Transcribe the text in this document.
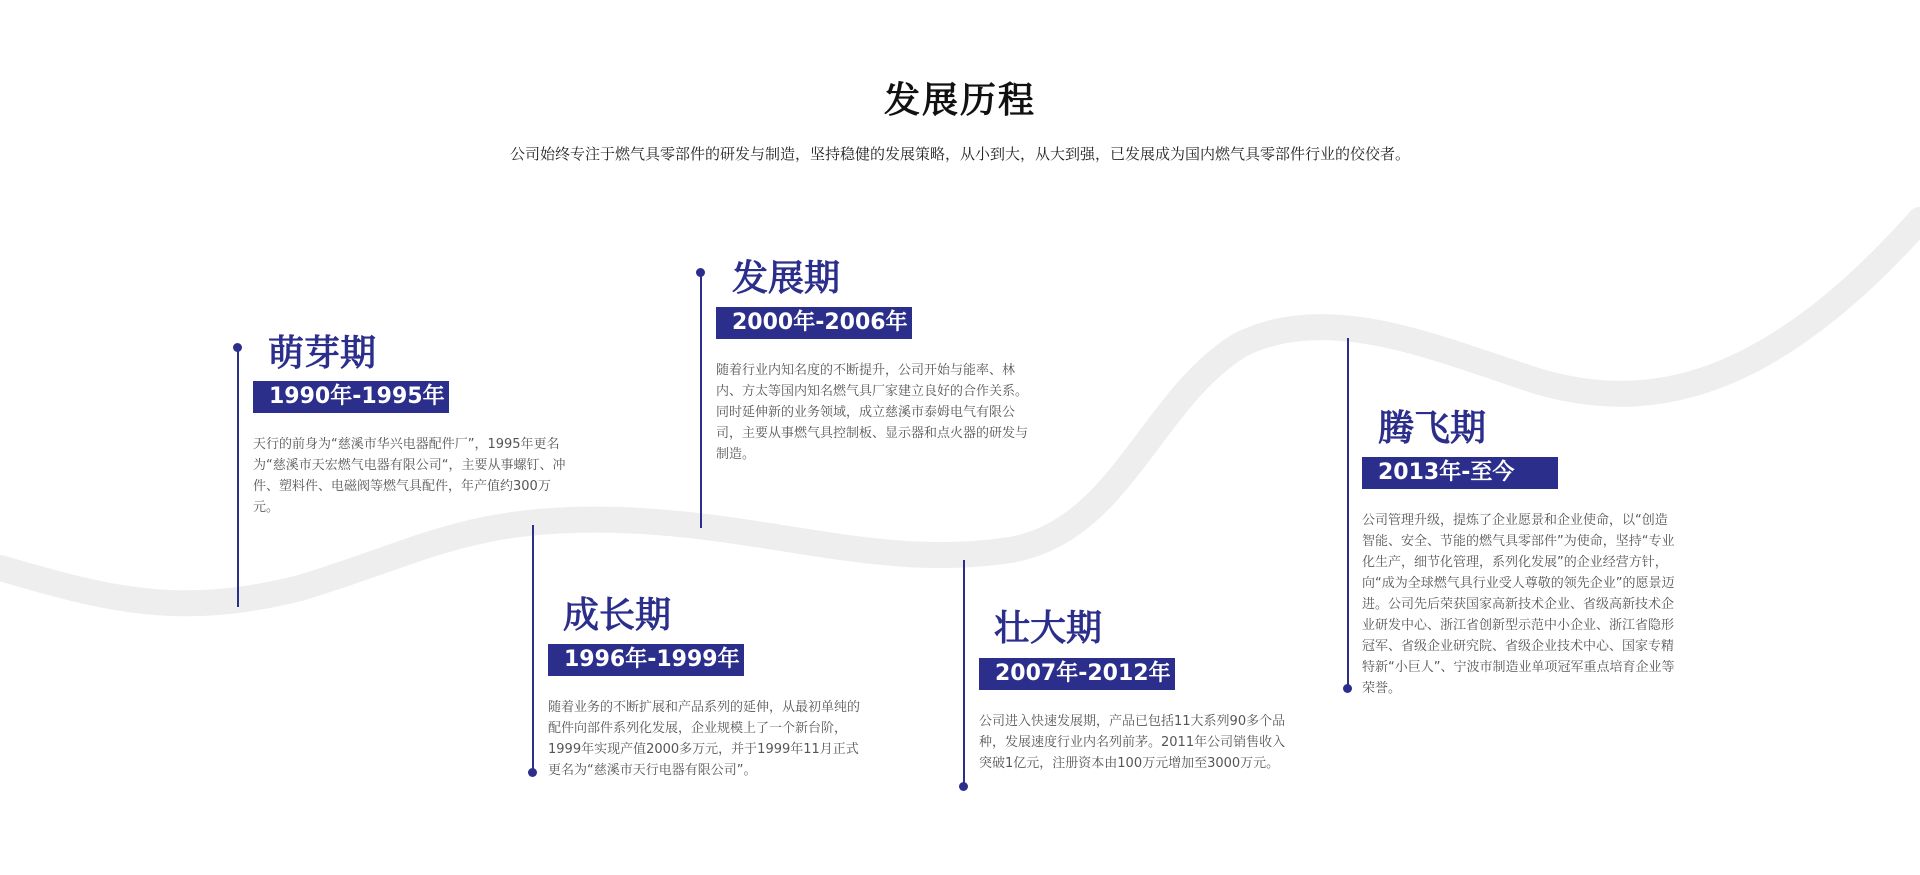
发展历程
公司始终专注于燃气具零部件的研发与制造，坚持稳健的发展策略，从小到大，从大到强，已发展成为国内燃气具零部件行业的佼佼者。
萌芽期
1990年-1995年
天行的前身为“慈溪市华兴电器配件厂”，1995年更名为“慈溪市天宏燃气电器有限公司“，主要从事螺钉、冲件、塑料件、电磁阀等燃气具配件，年产值约300万元。
成长期
1996年-1999年
随着业务的不断扩展和产品系列的延伸，从最初单纯的配件向部件系列化发展，企业规模上了一个新台阶，1999年实现产值2000多万元，并于1999年11月正式更名为“慈溪市天行电器有限公司”。
发展期
2000年-2006年
随着行业内知名度的不断提升，公司开始与能率、林内、方太等国内知名燃气具厂家建立良好的合作关系。同时延伸新的业务领域，成立慈溪市泰姆电气有限公司，主要从事燃气具控制板、显示器和点火器的研发与制造。
壮大期
2007年-2012年
公司进入快速发展期，产品已包括11大系列90多个品种，发展速度行业内名列前茅。2011年公司销售收入突破1亿元，注册资本由100万元增加至3000万元。
腾飞期
2013年-至今
公司管理升级，提炼了企业愿景和企业使命，以“创造智能、安全、节能的燃气具零部件”为使命，坚持“专业化生产，细节化管理，系列化发展”的企业经营方针，向“成为全球燃气具行业受人尊敬的领先企业”的愿景迈进。公司先后荣获国家高新技术企业、省级高新技术企业研发中心、浙江省创新型示范中小企业、浙江省隐形冠军、省级企业研究院、省级企业技术中心、国家专精特新“小巨人”、宁波市制造业单项冠军重点培育企业等荣誉。
